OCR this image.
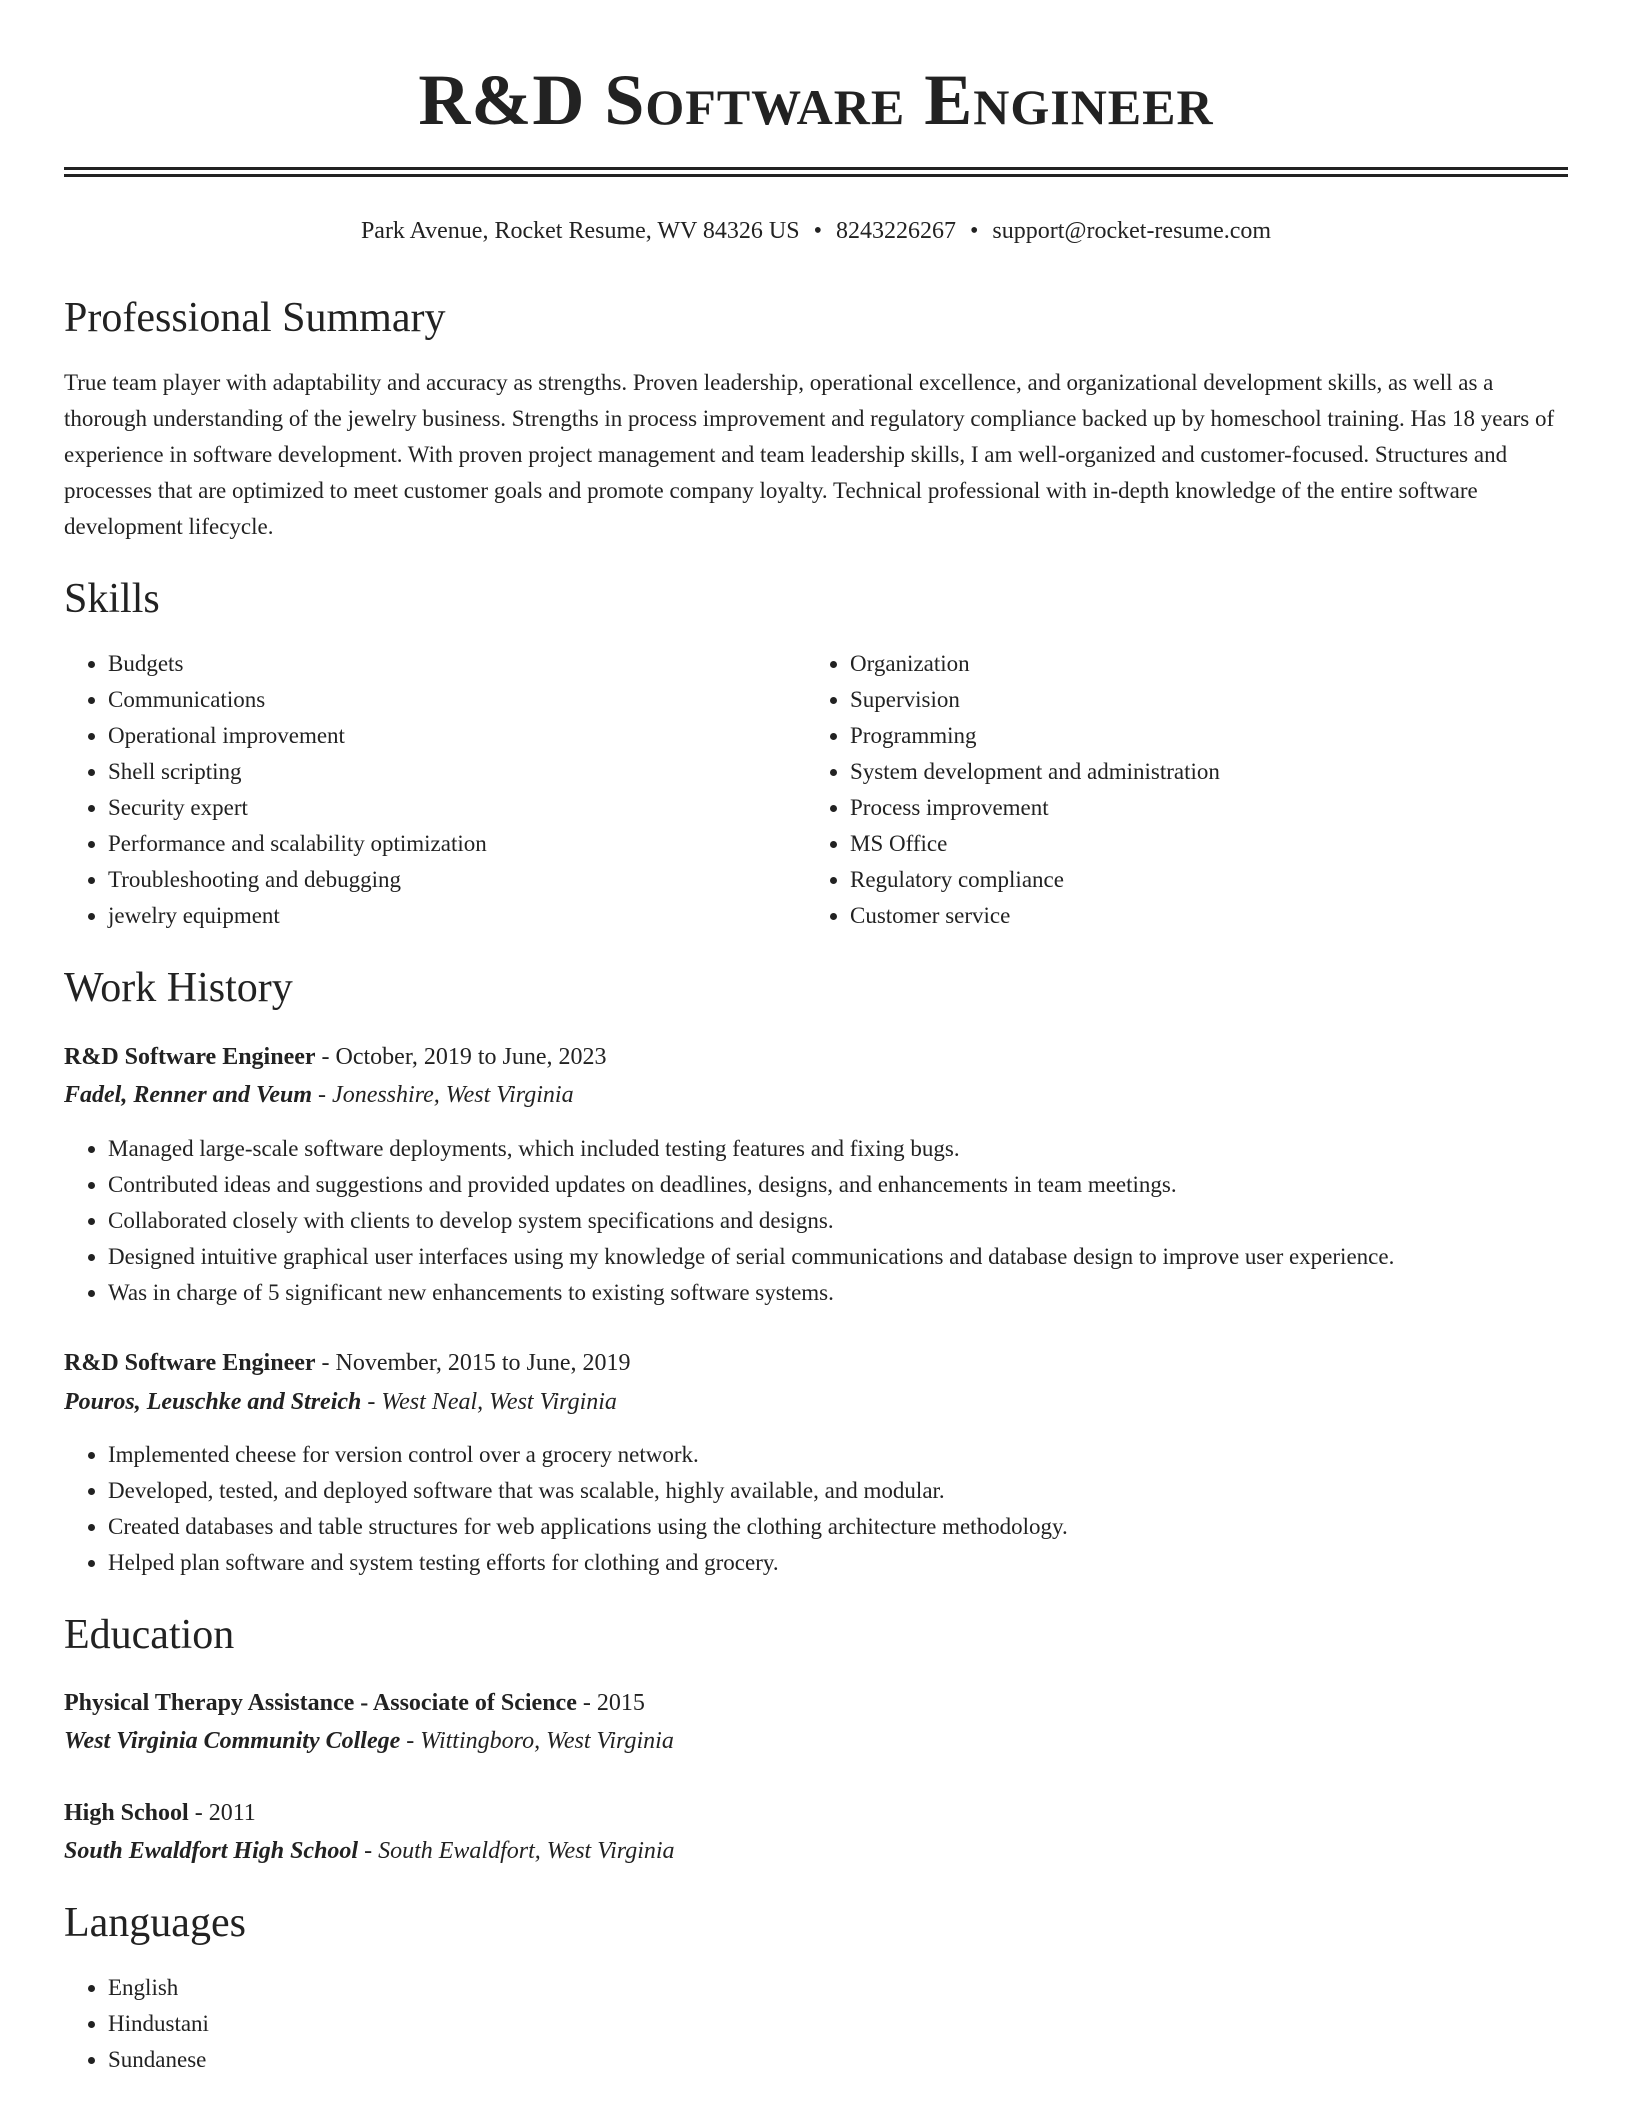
R&D Software Engineer
Park Avenue, Rocket Resume, WV 84326 US • 8243226267 • support@rocket-resume.com
Professional Summary

True team player with adaptability and accuracy as strengths. Proven leadership, operational excellence, and organizational development skills, as well as a thorough understanding of the jewelry business. Strengths in process improvement and regulatory compliance backed up by homeschool training. Has 18 years of experience in software development. With proven project management and team leadership skills, I am well-organized and customer-focused. Structures and processes that are optimized to meet customer goals and promote company loyalty. Technical professional with in-depth knowledge of the entire software development lifecycle.

Skills
• Budgets
• Communications
• Operational improvement
• Shell scripting
• Security expert
• Performance and scalability optimization
• Troubleshooting and debugging
• jewelry equipment
• Organization
• Supervision
• Programming
• System development and administration
• Process improvement
• MS Office
• Regulatory compliance
• Customer service
Work History
R&D Software Engineer - October, 2019 to June, 2023
Fadel, Renner and Veum - Jonesshire, West Virginia
• Managed large-scale software deployments, which included testing features and fixing bugs.
• Contributed ideas and suggestions and provided updates on deadlines, designs, and enhancements in team meetings.
• Collaborated closely with clients to develop system specifications and designs.
• Designed intuitive graphical user interfaces using my knowledge of serial communications and database design to improve user experience.
• Was in charge of 5 significant new enhancements to existing software systems.
R&D Software Engineer - November, 2015 to June, 2019
Pouros, Leuschke and Streich - West Neal, West Virginia
• Implemented cheese for version control over a grocery network.
• Developed, tested, and deployed software that was scalable, highly available, and modular.
• Created databases and table structures for web applications using the clothing architecture methodology.
• Helped plan software and system testing efforts for clothing and grocery.
Education
Physical Therapy Assistance - Associate of Science - 2015
West Virginia Community College - Wittingboro, West Virginia
High School - 2011
South Ewaldfort High School - South Ewaldfort, West Virginia
Languages
• English
• Hindustani
• Sundanese
